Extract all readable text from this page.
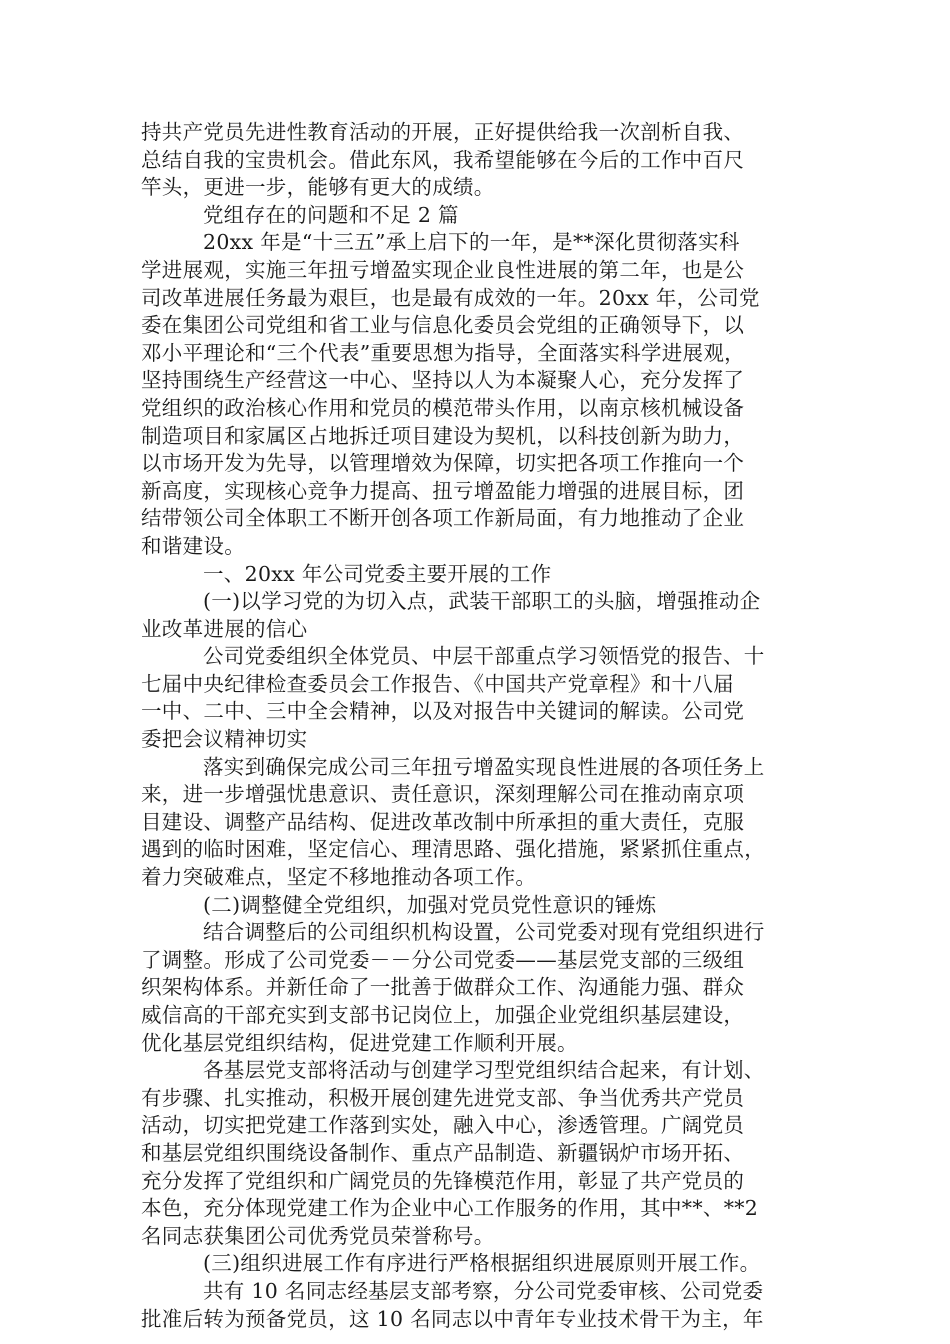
持共产党员先进性教育活动的开展，正好提供给我一次剖析自我、
总结自我的宝贵机会。借此东风，我希望能够在今后的工作中百尺
竿头，更进一步，能够有更大的成绩。
党组存在的问题和不足 2 篇
20xx 年是“十三五”承上启下的一年，是**深化贯彻落实科
学进展观，实施三年扭亏增盈实现企业良性进展的第二年，也是公
司改革进展任务最为艰巨，也是最有成效的一年。20xx 年，公司党
委在集团公司党组和省工业与信息化委员会党组的正确领导下，以
邓小平理论和“三个代表”重要思想为指导，全面落实科学进展观，
坚持围绕生产经营这一中心、坚持以人为本凝聚人心，充分发挥了
党组织的政治核心作用和党员的模范带头作用，以南京核机械设备
制造项目和家属区占地拆迁项目建设为契机，以科技创新为助力，
以市场开发为先导，以管理增效为保障，切实把各项工作推向一个
新高度，实现核心竞争力提高、扭亏增盈能力增强的进展目标，团
结带领公司全体职工不断开创各项工作新局面，有力地推动了企业
和谐建设。
一、20xx 年公司党委主要开展的工作
(一)以学习党的为切入点，武装干部职工的头脑，增强推动企
业改革进展的信心
公司党委组织全体党员、中层干部重点学习领悟党的报告、十
七届中央纪律检查委员会工作报告、《中国共产党章程》和十八届
一中、二中、三中全会精神，以及对报告中关键词的解读。公司党
委把会议精神切实
落实到确保完成公司三年扭亏增盈实现良性进展的各项任务上
来，进一步增强忧患意识、责任意识，深刻理解公司在推动南京项
目建设、调整产品结构、促进改革改制中所承担的重大责任，克服
遇到的临时困难，坚定信心、理清思路、强化措施，紧紧抓住重点，
着力突破难点，坚定不移地推动各项工作。
(二)调整健全党组织，加强对党员党性意识的锤炼
结合调整后的公司组织机构设置，公司党委对现有党组织进行
了调整。形成了公司党委－－分公司党委——基层党支部的三级组
织架构体系。并新任命了一批善于做群众工作、沟通能力强、群众
威信高的干部充实到支部书记岗位上，加强企业党组织基层建设，
优化基层党组织结构，促进党建工作顺利开展。
各基层党支部将活动与创建学习型党组织结合起来，有计划、
有步骤、扎实推动，积极开展创建先进党支部、争当优秀共产党员
活动，切实把党建工作落到实处，融入中心，渗透管理。广阔党员
和基层党组织围绕设备制作、重点产品制造、新疆锅炉市场开拓、
充分发挥了党组织和广阔党员的先锋模范作用，彰显了共产党员的
本色，充分体现党建工作为企业中心工作服务的作用，其中**、**2
名同志获集团公司优秀党员荣誉称号。
(三)组织进展工作有序进行严格根据组织进展原则开展工作。
共有 10 名同志经基层支部考察，分公司党委审核、公司党委
批准后转为预备党员，这 10 名同志以中青年专业技术骨干为主，年
